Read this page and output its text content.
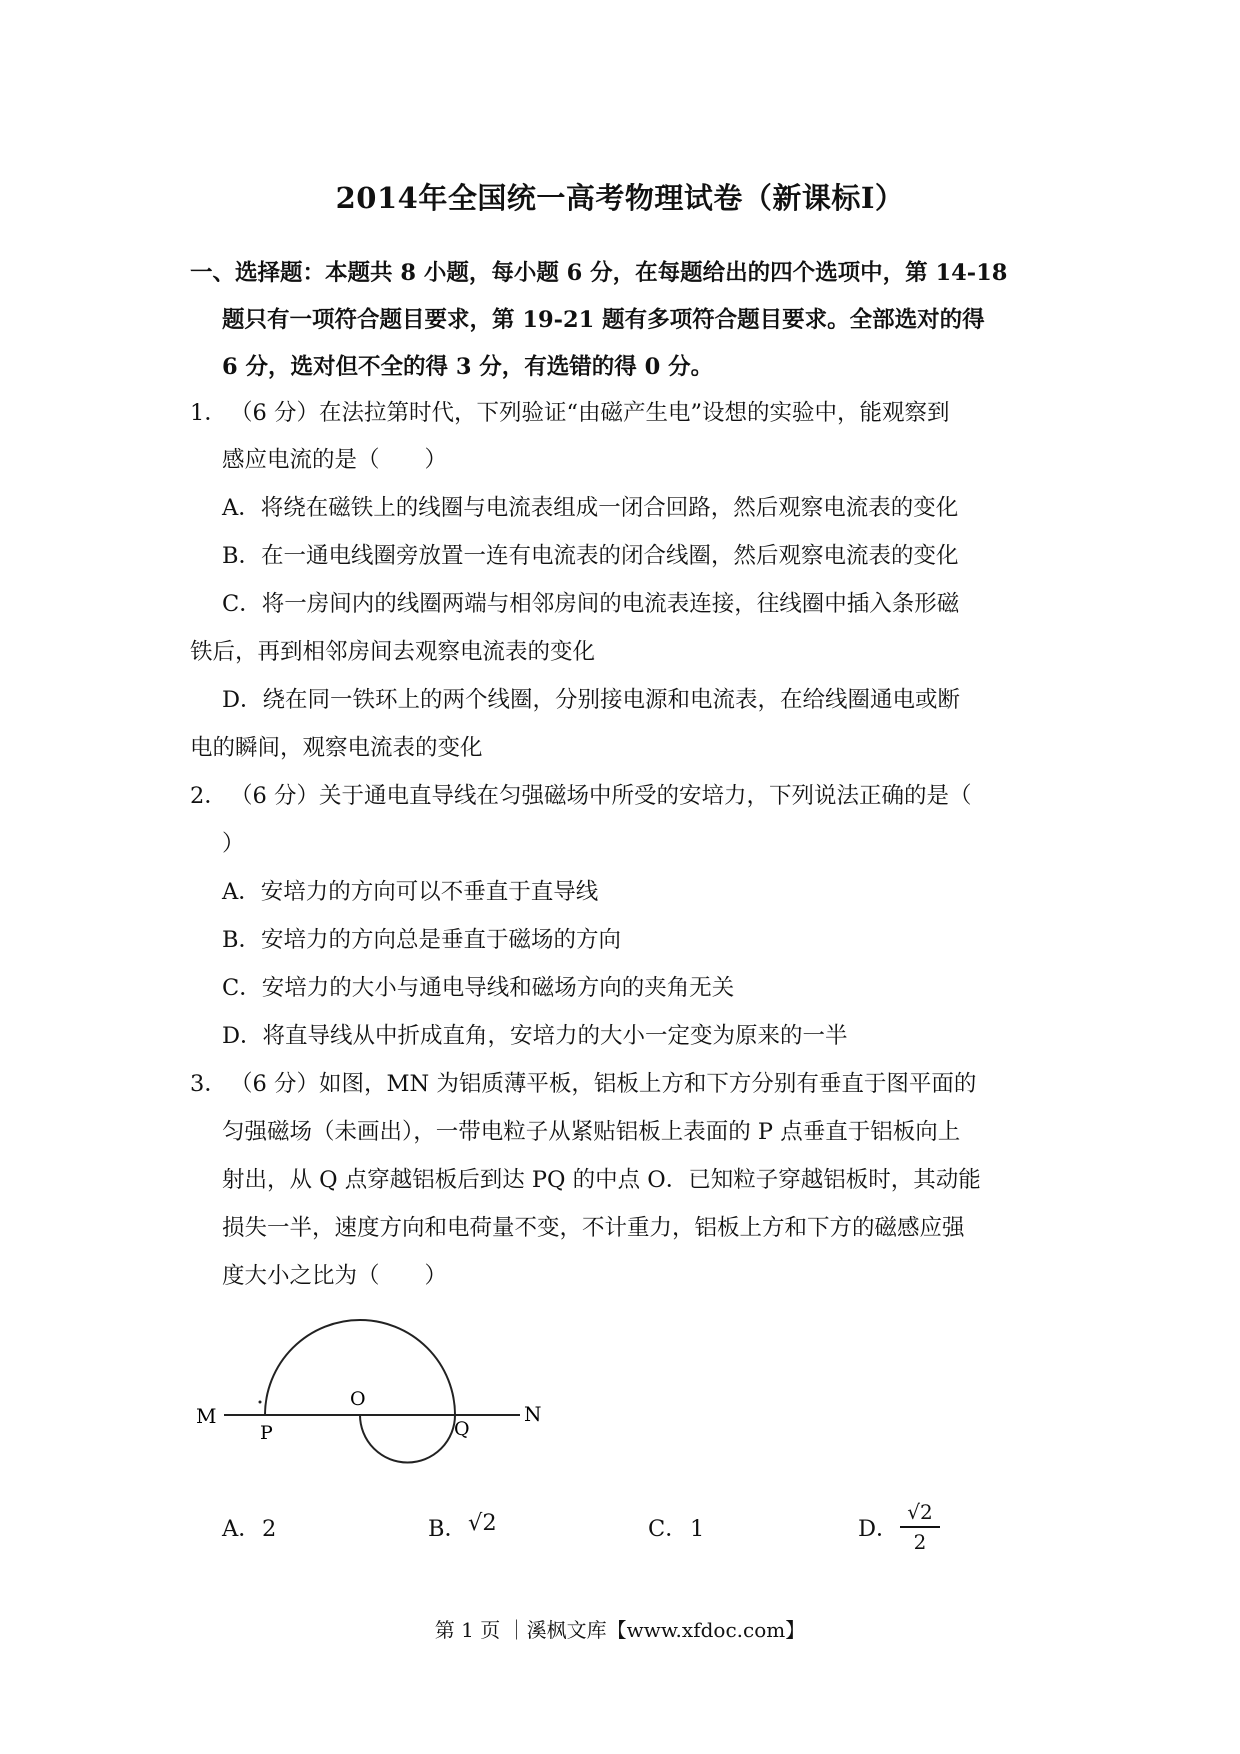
2014年全国统一高考物理试卷（新课标Ⅰ）
一、选择题：本题共 8 小题，每小题 6 分，在每题给出的四个选项中，第 14-18
题只有一项符合题目要求，第 19-21 题有多项符合题目要求。全部选对的得
6 分，选对但不全的得 3 分，有选错的得 0 分。
1． （6 分）在法拉第时代，下列验证“由磁产生电”设想的实验中，能观察到
感应电流的是（　　）
A．将绕在磁铁上的线圈与电流表组成一闭合回路，然后观察电流表的变化
B．在一通电线圈旁放置一连有电流表的闭合线圈，然后观察电流表的变化
C．将一房间内的线圈两端与相邻房间的电流表连接，往线圈中插入条形磁
铁后，再到相邻房间去观察电流表的变化
D．绕在同一铁环上的两个线圈，分别接电源和电流表，在给线圈通电或断
电的瞬间，观察电流表的变化
2． （6 分）关于通电直导线在匀强磁场中所受的安培力，下列说法正确的是（
）
A．安培力的方向可以不垂直于直导线
B．安培力的方向总是垂直于磁场的方向
C．安培力的大小与通电导线和磁场方向的夹角无关
D．将直导线从中折成直角，安培力的大小一定变为原来的一半
3． （6 分）如图，MN 为铝质薄平板，铝板上方和下方分别有垂直于图平面的
匀强磁场（未画出），一带电粒子从紧贴铝板上表面的 P 点垂直于铝板向上
射出，从 Q 点穿越铝板后到达 PQ 的中点 O．已知粒子穿越铝板时，其动能
损失一半，速度方向和电荷量不变，不计重力，铝板上方和下方的磁感应强
度大小之比为（　　）
M	N
P
O
Q
A． 2	B． √2	C． 1	D．
√2
2
第 1 页 ｜溪枫文库【www.xfdoc.com】
